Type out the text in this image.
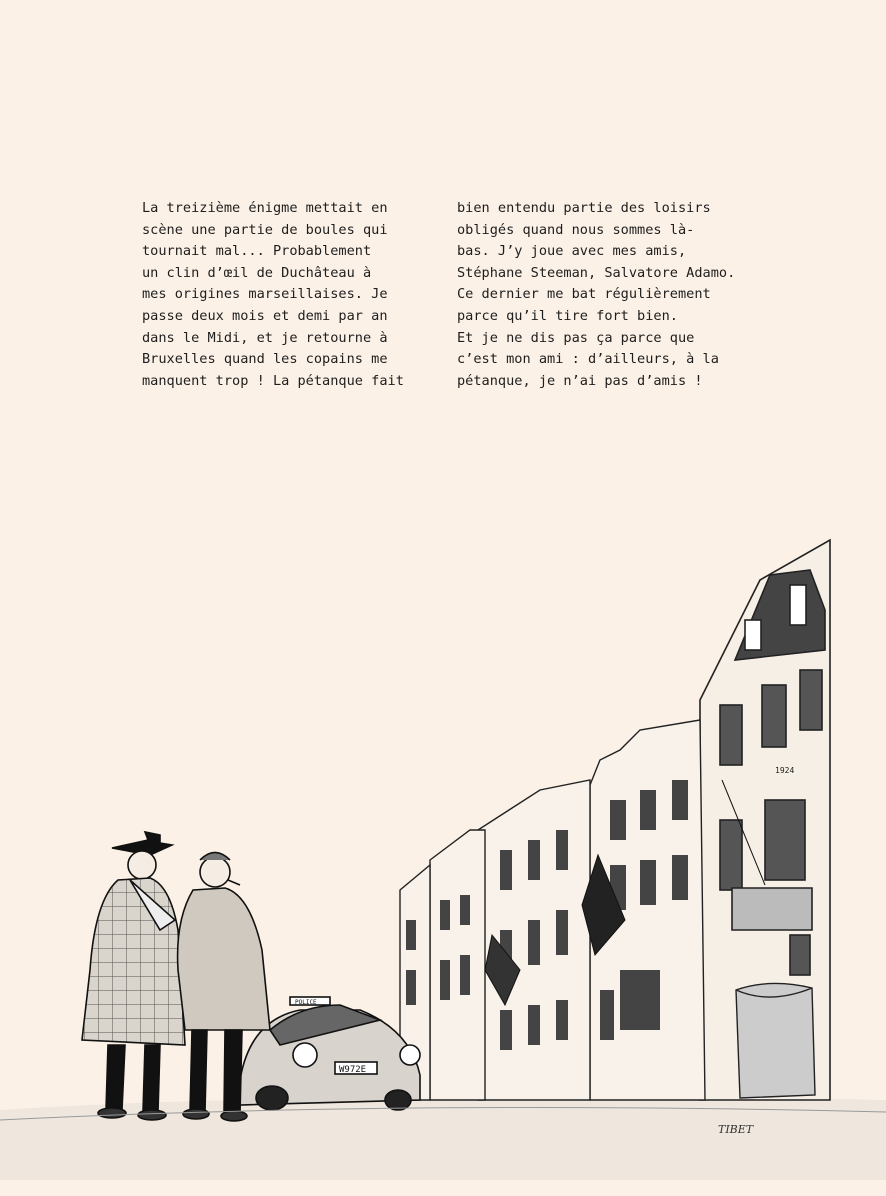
La treizième énigme mettait en
scène une partie de boules qui
tournait mal... Probablement
un clin d’œil de Duchâteau à
mes origines marseillaises. Je
passe deux mois et demi par an
dans le Midi, et je retourne à
Bruxelles quand les copains me
manquent trop ! La pétanque fait
bien entendu partie des loisirs
obligés quand nous sommes là-
bas. J’y joue avec mes amis,
Stéphane Steeman, Salvatore Adamo.
Ce dernier me bat régulièrement
parce qu’il tire fort bien.
Et je ne dis pas ça parce que
c’est mon ami : d’ailleurs, à la
pétanque, je n’ai pas d’amis !
1924
POLICE
W972E
TIBET
